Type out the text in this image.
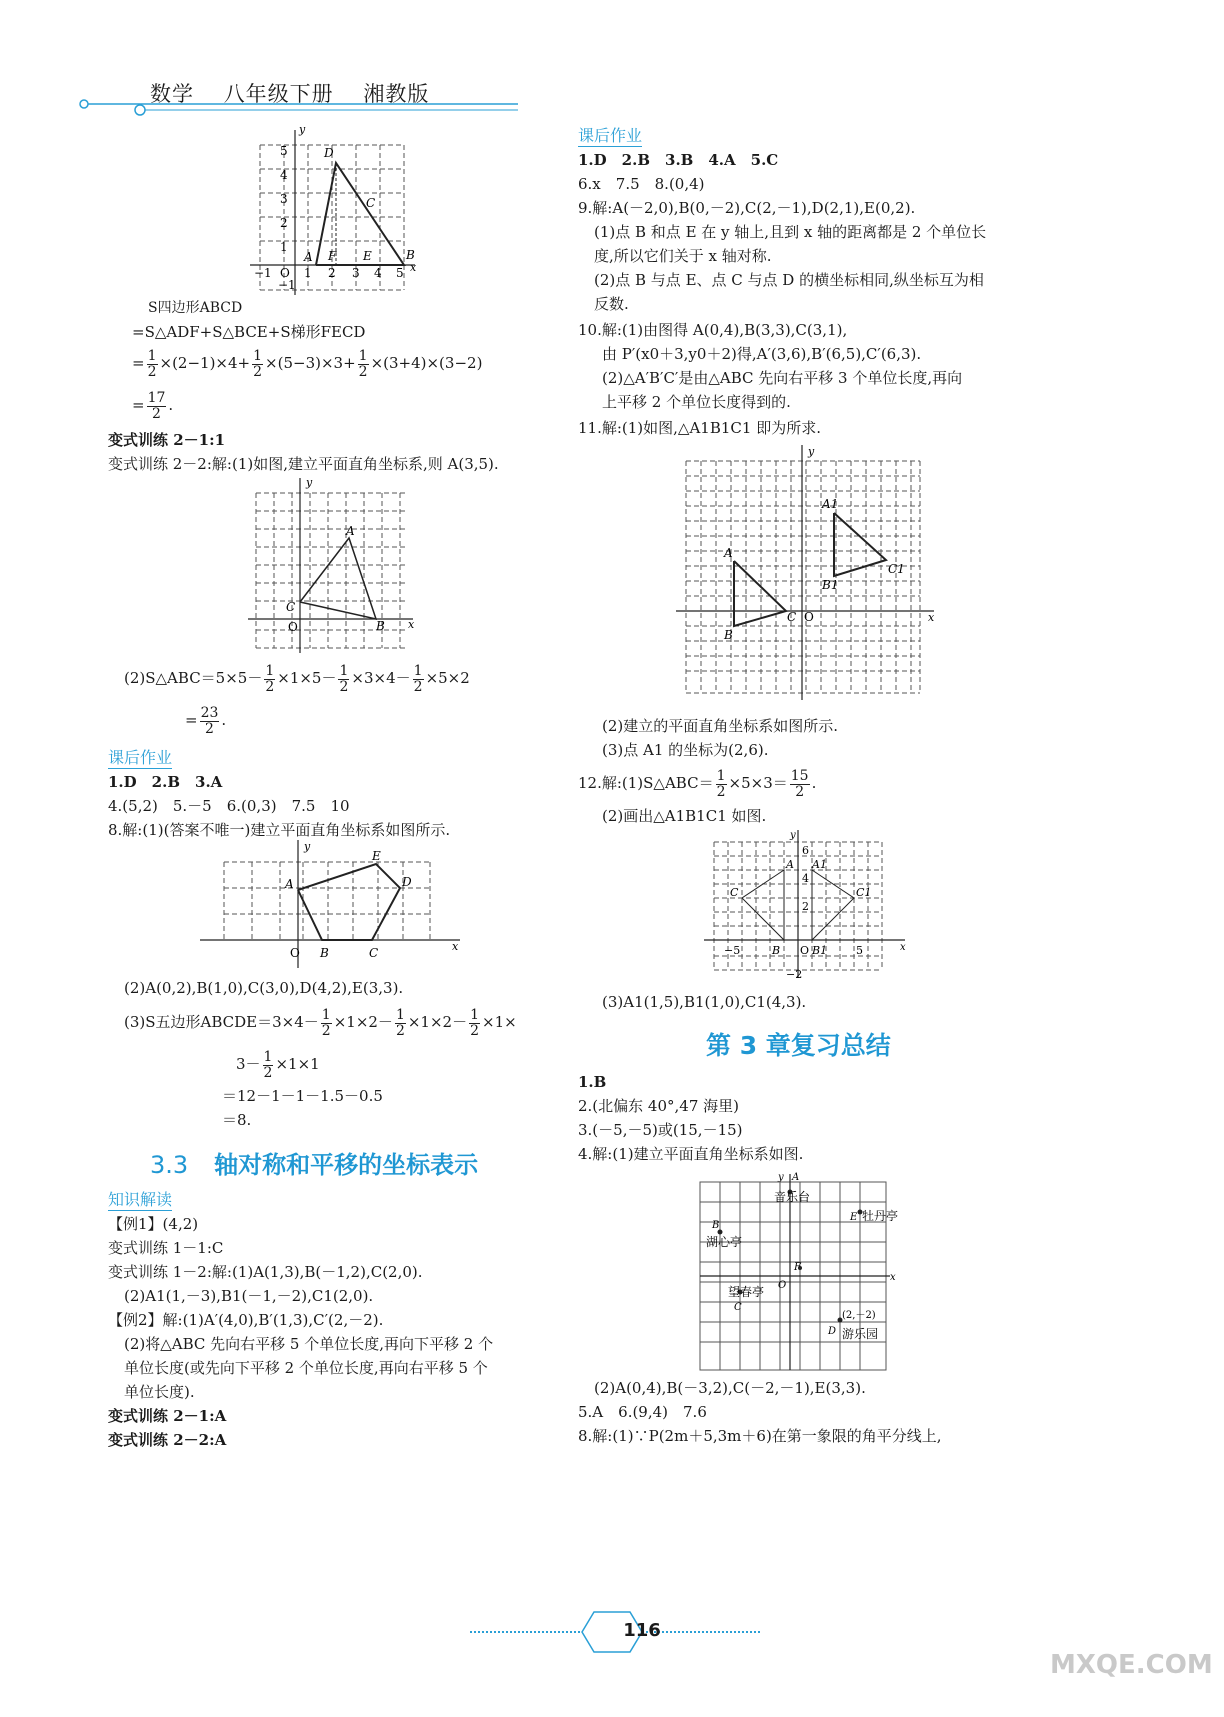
数学 八年级下册 湘教版
y
x
5
4
3
2
1
−1 O 1 2 3 4 5
−1
D
C
A F E	B
S四边形ABCD
=S△ADF+S△BCE+S梯形FECD
= $\frac{1}{2} \times(2-1)\times 4+ \frac{1}{2} \times(5-3)\times 3+ \frac{1}{2} \times(3+4)\times(3-2)$
= $\frac{17}{2}$ .
变式训练 2－1:1
变式训练 2－2:解:(1)如图,建立平面直角坐标系,则 A(3,5).
y
x
A
C
O	B
(2)S△ABC＝5×5－ $\frac{1}{2} \times 1\times 5- \frac{1}{2} \times 3\times 4- \frac{1}{2} \times 5\times 2$
= $\frac{23}{2}$ .
课后作业
1.D　2.B　3.A
4.(5,2)　5.－5　6.(0,3)　7.5　10
8.解:(1)(答案不唯一)建立平面直角坐标系如图所示.
y
x
A
O B	C
D
E
(2)A(0,2),B(1,0),C(3,0),D(4,2),E(3,3).
(3)S五边形ABCDE＝3×4－ $\frac{1}{2} \times 1\times 2- \frac{1}{2} \times 1\times 2- \frac{1}{2} \times 1\times$
$3- \frac{1}{2} \times 1\times 1$
＝12－1－1－1.5－0.5
＝8.
3.3 轴对称和平移的坐标表示
知识解读
【例1】(4,2)
变式训练 1－1:C
变式训练 1－2:解:(1)A(1,3),B(－1,2),C(2,0).
(2)A1(1,－3),B1(－1,－2),C1(2,0).
【例2】解:(1)A′(4,0),B′(1,3),C′(2,－2).
(2)将△ABC 先向右平移 5 个单位长度,再向下平移 2 个
单位长度(或先向下平移 2 个单位长度,再向右平移 5 个
单位长度).
变式训练 2－1:A
变式训练 2－2:A
课后作业
1.D　2.B　3.B　4.A　5.C
6.x　7.5　8.(0,4)
9.解:A(－2,0),B(0,－2),C(2,－1),D(2,1),E(0,2).
(1)点 B 和点 E 在 y 轴上,且到 x 轴的距离都是 2 个单位长
度,所以它们关于 x 轴对称.
(2)点 B 与点 E、点 C 与点 D 的横坐标相同,纵坐标互为相
反数.
10.解:(1)由图得 A(0,4),B(3,3),C(3,1),
由 P′(x0＋3,y0＋2)得,A′(3,6),B′(6,5),C′(6,3).
(2)△A′B′C′是由△ABC 先向右平移 3 个单位长度,再向
上平移 2 个单位长度得到的.
11.解:(1)如图,△A1B1C1 即为所求.
y
x
A
C O
B
A1
B1
C1
(2)建立的平面直角坐标系如图所示.
(3)点 A1 的坐标为(2,6).
12.解:(1)S△ABC＝ $\frac{1}{2} \times 5\times 3= \frac{15}{2}$ .
(2)画出△A1B1C1 如图.
y
x
6
4
2
−5	O	5
−2
A A1
C	C1
B	B1
(3)A1(1,5),B1(1,0),C1(4,3).
第 3 章复习总结
1.B
2.(北偏东 40°,47 海里)
3.(－5,－5)或(15,－15)
4.解:(1)建立平面直角坐标系如图.
y A
x
音乐台
E 牡丹亭
B
湖心亭
望春亭
C
O
F
(2,－2)
D 游乐园
(2)A(0,4),B(－3,2),C(－2,－1),E(3,3).
5.A　6.(9,4)　7.6
8.解:(1)∵P(2m＋5,3m＋6)在第一象限的角平分线上,
116
MXQE.COM
